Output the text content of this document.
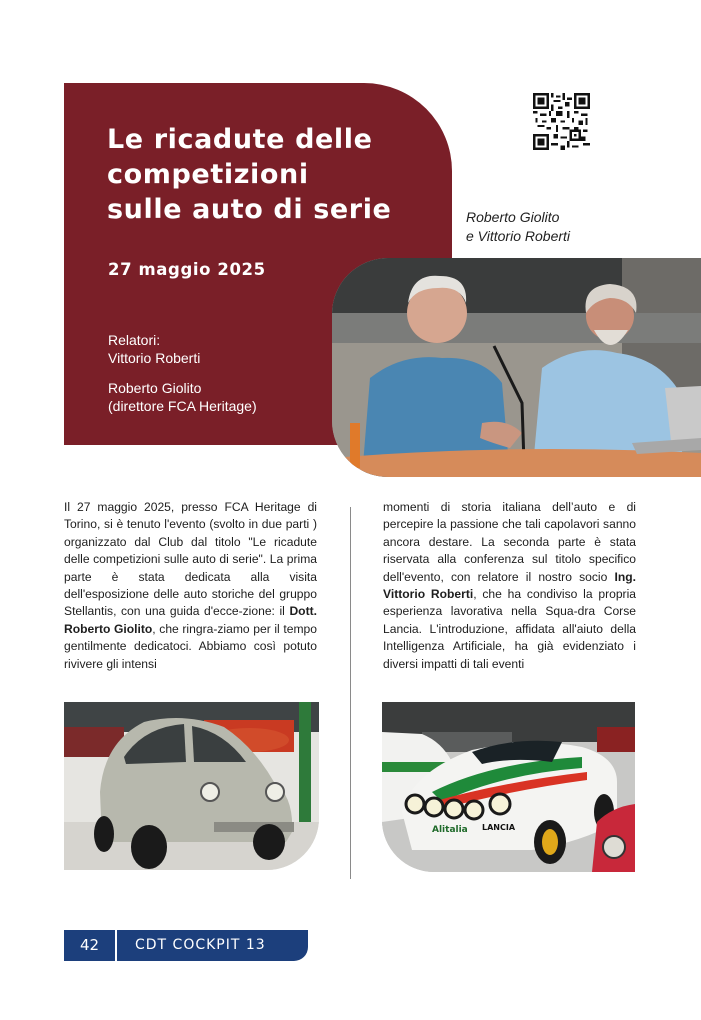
Le ricadute delle
competizioni
sulle auto di serie
27 maggio 2025

Relatori:
Vittorio Roberti

Roberto Giolito
(direttore FCA Heritage)

Roberto Giolito
e Vittorio Roberti
Il 27 maggio 2025, presso FCA Heritage di Torino, si è tenuto l'evento (svolto in due parti ) organizzato dal Club dal titolo "Le ricadute delle competizioni sulle auto di serie". La prima parte è stata dedicata alla visita dell'esposizione delle auto storiche del gruppo Stellantis, con una guida d'ecce-zione: il Dott. Roberto Giolito, che ringra-ziamo per il tempo gentilmente dedicatoci. Abbiamo così potuto rivivere gli intensi
momenti di storia italiana dell’auto e di percepire la passione che tali capolavori sanno ancora destare. La seconda parte è stata riservata alla conferenza sul titolo specifico dell'evento, con relatore il nostro socio Ing. Vittorio Roberti, che ha condiviso la propria esperienza lavorativa nella Squa-dra Corse Lancia. L'introduzione, affidata all'aiuto della Intelligenza Artificiale, ha già evidenziato i diversi impatti di tali eventi
Alitalia LANCIA
42	CDT COCKPIT 13
